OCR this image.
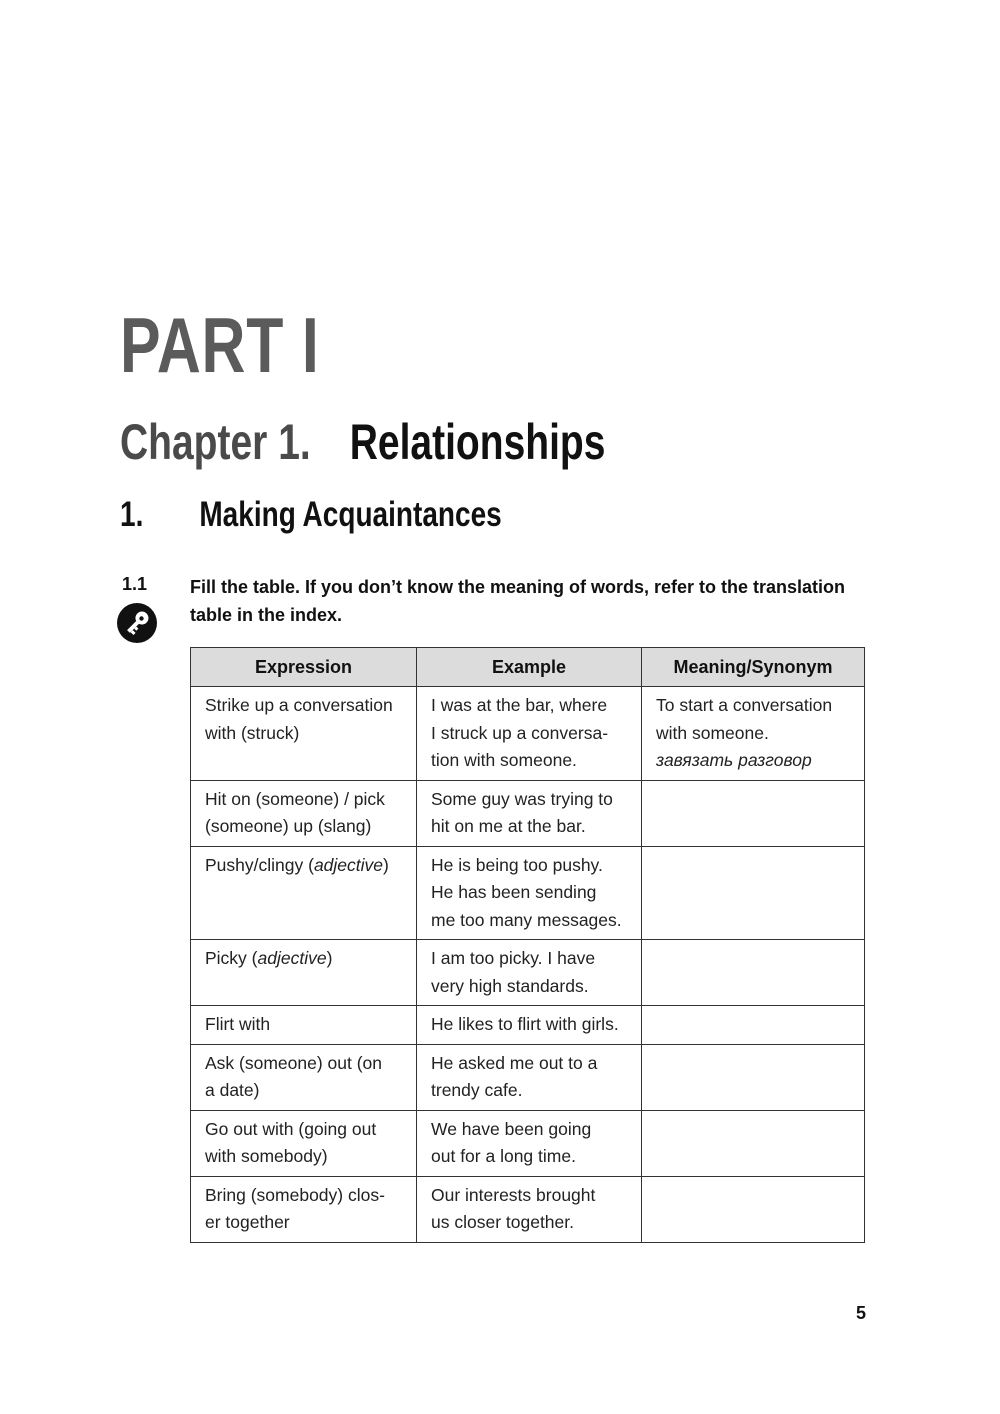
PART I
Chapter 1. Relationships
1. Making Acquaintances
1.1 Fill the table. If you don’t know the meaning of words, refer to the translation table in the index.

Expression	Example	Meaning/Synonym

Strike up a conversation
with (struck)	I was at the bar, where
I struck up a conversa-
tion with someone.	To start a conversation
with someone.
завязать разговор

Hit on (someone) / pick
(someone) up (slang)	Some guy was trying to
hit on me at the bar.	

Pushy/clingy (adjective)	He is being too pushy.
He has been sending
me too many messages.	

Picky (adjective)	I am too picky. I have
very high standards.	

Flirt with	He likes to flirt with girls.	

Ask (someone) out (on
a date)	He asked me out to a
trendy cafe.	

Go out with (going out
with somebody)	We have been going
out for a long time.	

Bring (somebody) clos-
er together	Our interests brought
us closer together.	

5
